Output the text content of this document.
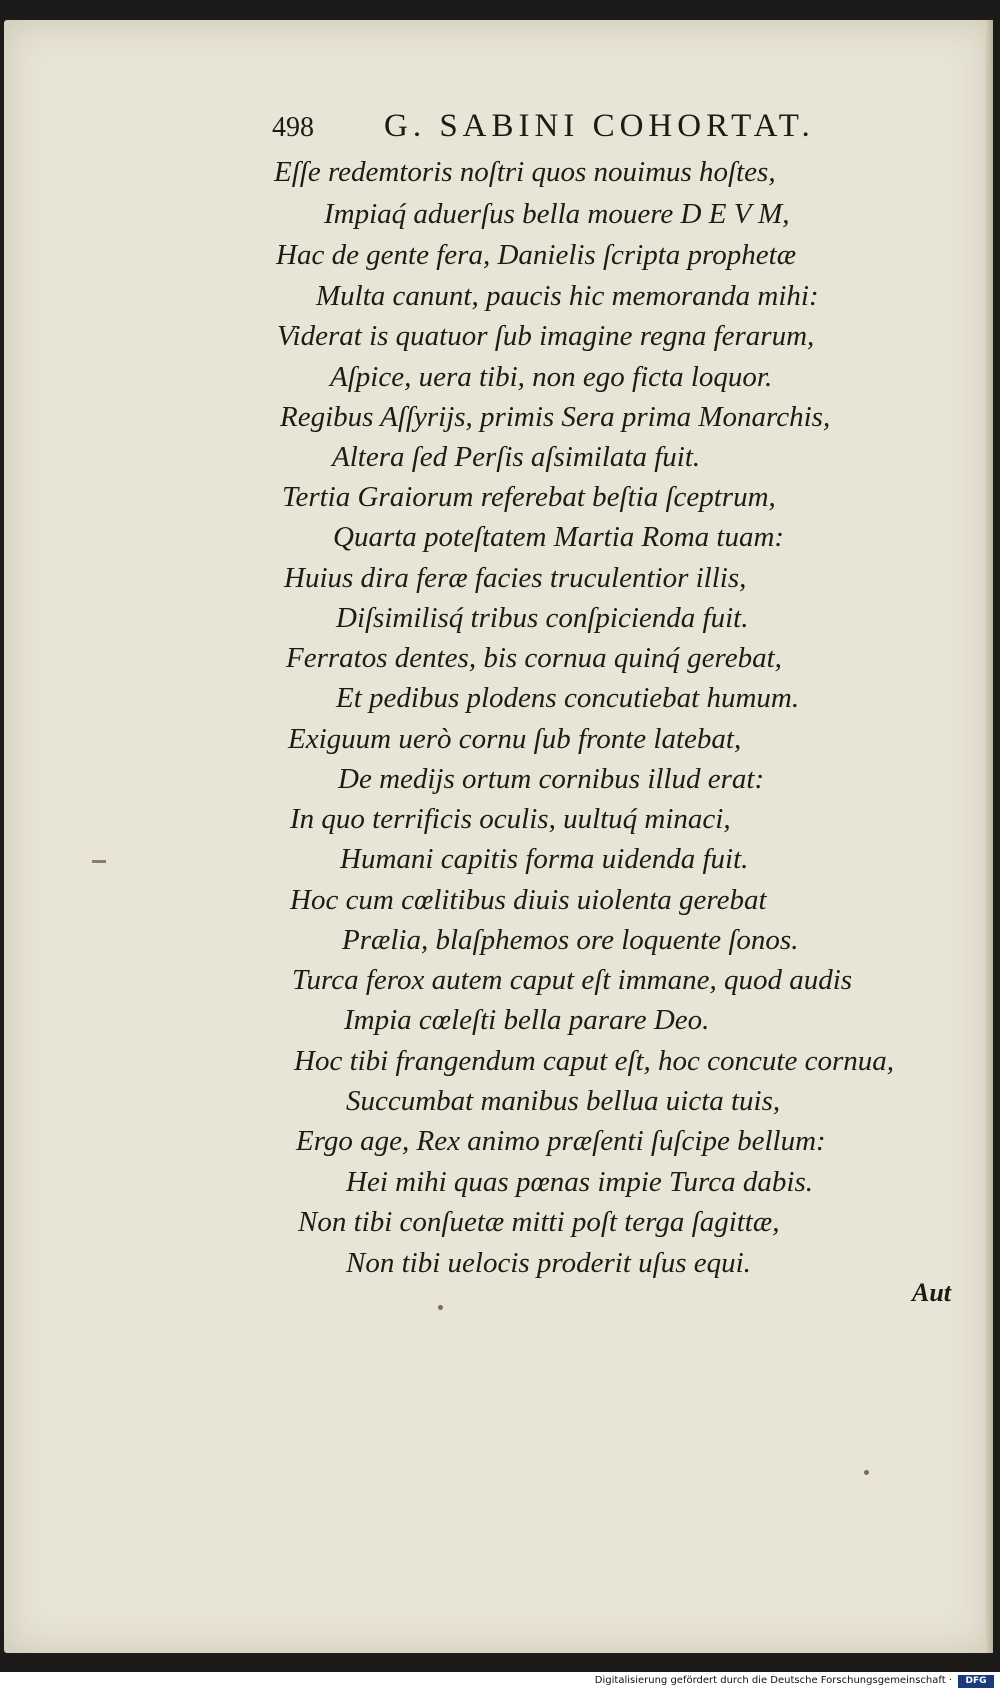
498 G. SABINI COHORTAT.
Eſſe redemtoris noſtri quos nouimus hoſtes,
Impiaq́ aduerſus bella mouere D E V M,
Hac de gente fera, Danielis ſcripta prophetæ
Multa canunt, paucis hic memoranda mihi:
Viderat is quatuor ſub imagine regna ferarum,
Aſpice, uera tibi, non ego ficta loquor.
Regibus Aſſyrijs, primis Sera prima Monarchis,
Altera ſed Perſis aſsimilata fuit.
Tertia Graiorum referebat beſtia ſceptrum,
Quarta poteſtatem Martia Roma tuam:
Huius dira feræ facies truculentior illis,
Diſsimilisq́ tribus conſpicienda fuit.
Ferratos dentes, bis cornua quinq́ gerebat,
Et pedibus plodens concutiebat humum.
Exiguum uerò cornu ſub fronte latebat,
De medijs ortum cornibus illud erat:
In quo terrificis oculis, uultuq́ minaci,
Humani capitis forma uidenda fuit.
Hoc cum cœlitibus diuis uiolenta gerebat
Prælia, blaſphemos ore loquente ſonos.
Turca ferox autem caput eſt immane, quod audis
Impia cœleſti bella parare Deo.
Hoc tibi frangendum caput eſt, hoc concute cornua,
Succumbat manibus bellua uicta tuis,
Ergo age, Rex animo præſenti ſuſcipe bellum:
Hei mihi quas pœnas impie Turca dabis.
Non tibi conſuetæ mitti poſt terga ſagittæ,
Non tibi uelocis proderit uſus equi.
Aut
Digitalisierung gefördert durch die Deutsche Forschungsgemeinschaft ·	DFG
